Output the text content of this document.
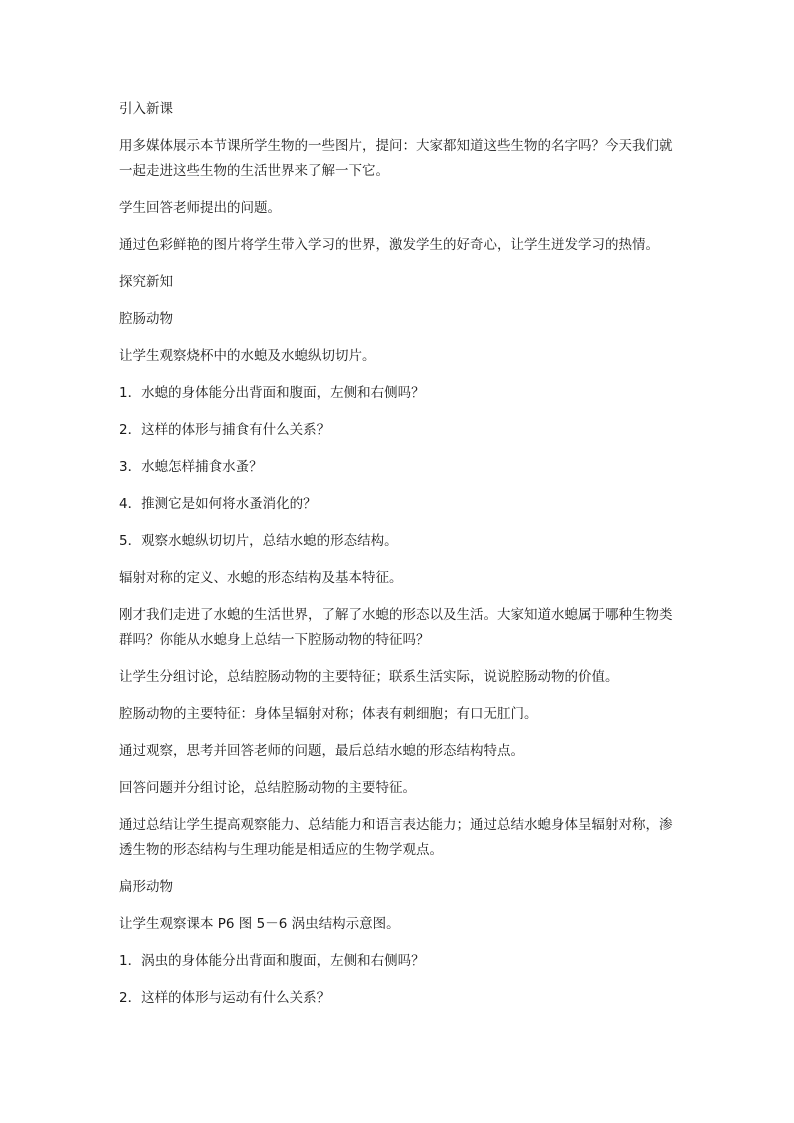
引入新课

用多媒体展示本节课所学生物的一些图片，提问：大家都知道这些生物的名字吗？今天我们就一起走进这些生物的生活世界来了解一下它。

学生回答老师提出的问题。

通过色彩鲜艳的图片将学生带入学习的世界，激发学生的好奇心，让学生迸发学习的热情。

探究新知

腔肠动物

让学生观察烧杯中的水螅及水螅纵切切片。

1．水螅的身体能分出背面和腹面，左侧和右侧吗？

2．这样的体形与捕食有什么关系？

3．水螅怎样捕食水蚤？

4．推测它是如何将水蚤消化的？

5．观察水螅纵切切片，总结水螅的形态结构。

辐射对称的定义、水螅的形态结构及基本特征。

刚才我们走进了水螅的生活世界，了解了水螅的形态以及生活。大家知道水螅属于哪种生物类群吗？你能从水螅身上总结一下腔肠动物的特征吗？

让学生分组讨论，总结腔肠动物的主要特征；联系生活实际，说说腔肠动物的价值。

腔肠动物的主要特征：身体呈辐射对称；体表有刺细胞；有口无肛门。

通过观察，思考并回答老师的问题，最后总结水螅的形态结构特点。

回答问题并分组讨论，总结腔肠动物的主要特征。

通过总结让学生提高观察能力、总结能力和语言表达能力；通过总结水螅身体呈辐射对称，渗透生物的形态结构与生理功能是相适应的生物学观点。

扁形动物

让学生观察课本 P6 图 5－6 涡虫结构示意图。

1．涡虫的身体能分出背面和腹面，左侧和右侧吗？

2．这样的体形与运动有什么关系？
